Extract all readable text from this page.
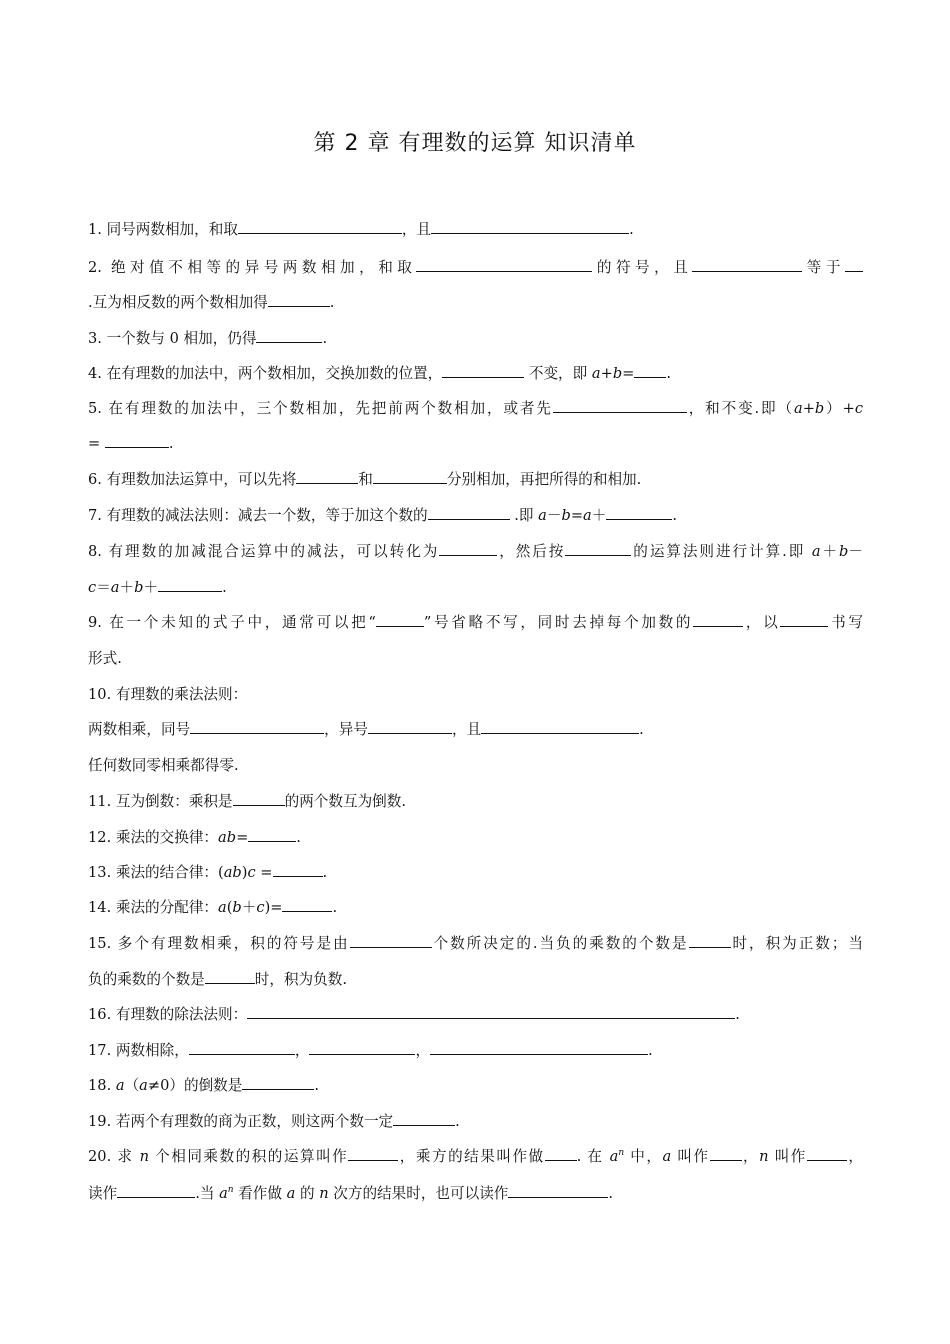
第 2 章 有理数的运算 知识清单
1. 同号两数相加，和取	，且	.
2. 绝对值不相等的异号两数相加，和取	的符号，且	等于
.互为相反数的两个数相加得	.
3. 一个数与 0 相加，仍得	.
4. 在有理数的加法中，两个数相加，交换加数的位置，	不变，即 a+b= .
5. 在有理数的加法中，三个数相加，先把前两个数相加，或者先	，和不变.即（a+b）+c
=	.
6. 有理数加法运算中，可以先将	和	分别相加，再把所得的和相加.
7. 有理数的减法法则：减去一个数，等于加这个数的	.即 a－b=a＋	.
8. 有理数的加减混合运算中的减法，可以转化为	，然后按	的运算法则进行计算.即 a＋b－
c＝a＋b＋	.
9. 在一个未知的式子中，通常可以把“	”号省略不写，同时去掉每个加数的	，以	书写
形式.
10. 有理数的乘法法则：
两数相乘，同号	，异号	，且	.
任何数同零相乘都得零.
11. 互为倒数：乘积是	的两个数互为倒数.
12. 乘法的交换律：ab=	.
13. 乘法的结合律：(ab)c =	.
14. 乘法的分配律：a(b＋c)=	.
15. 多个有理数相乘，积的符号是由	个数所决定的.当负的乘数的个数是	时，积为正数；当
负的乘数的个数是	时，积为负数.
16. 有理数的除法法则：	.
17. 两数相除，	，	，	.
18. a（a≠0）的倒数是	.
19. 若两个有理数的商为正数，则这两个数一定	.
20. 求 n 个相同乘数的积的运算叫作	，乘方的结果叫作做 . 在 $a^n$ 中，a 叫作 ，n 叫作	，
读作	.当 $a^n$ 看作做 a 的 n 次方的结果时，也可以读作	.
